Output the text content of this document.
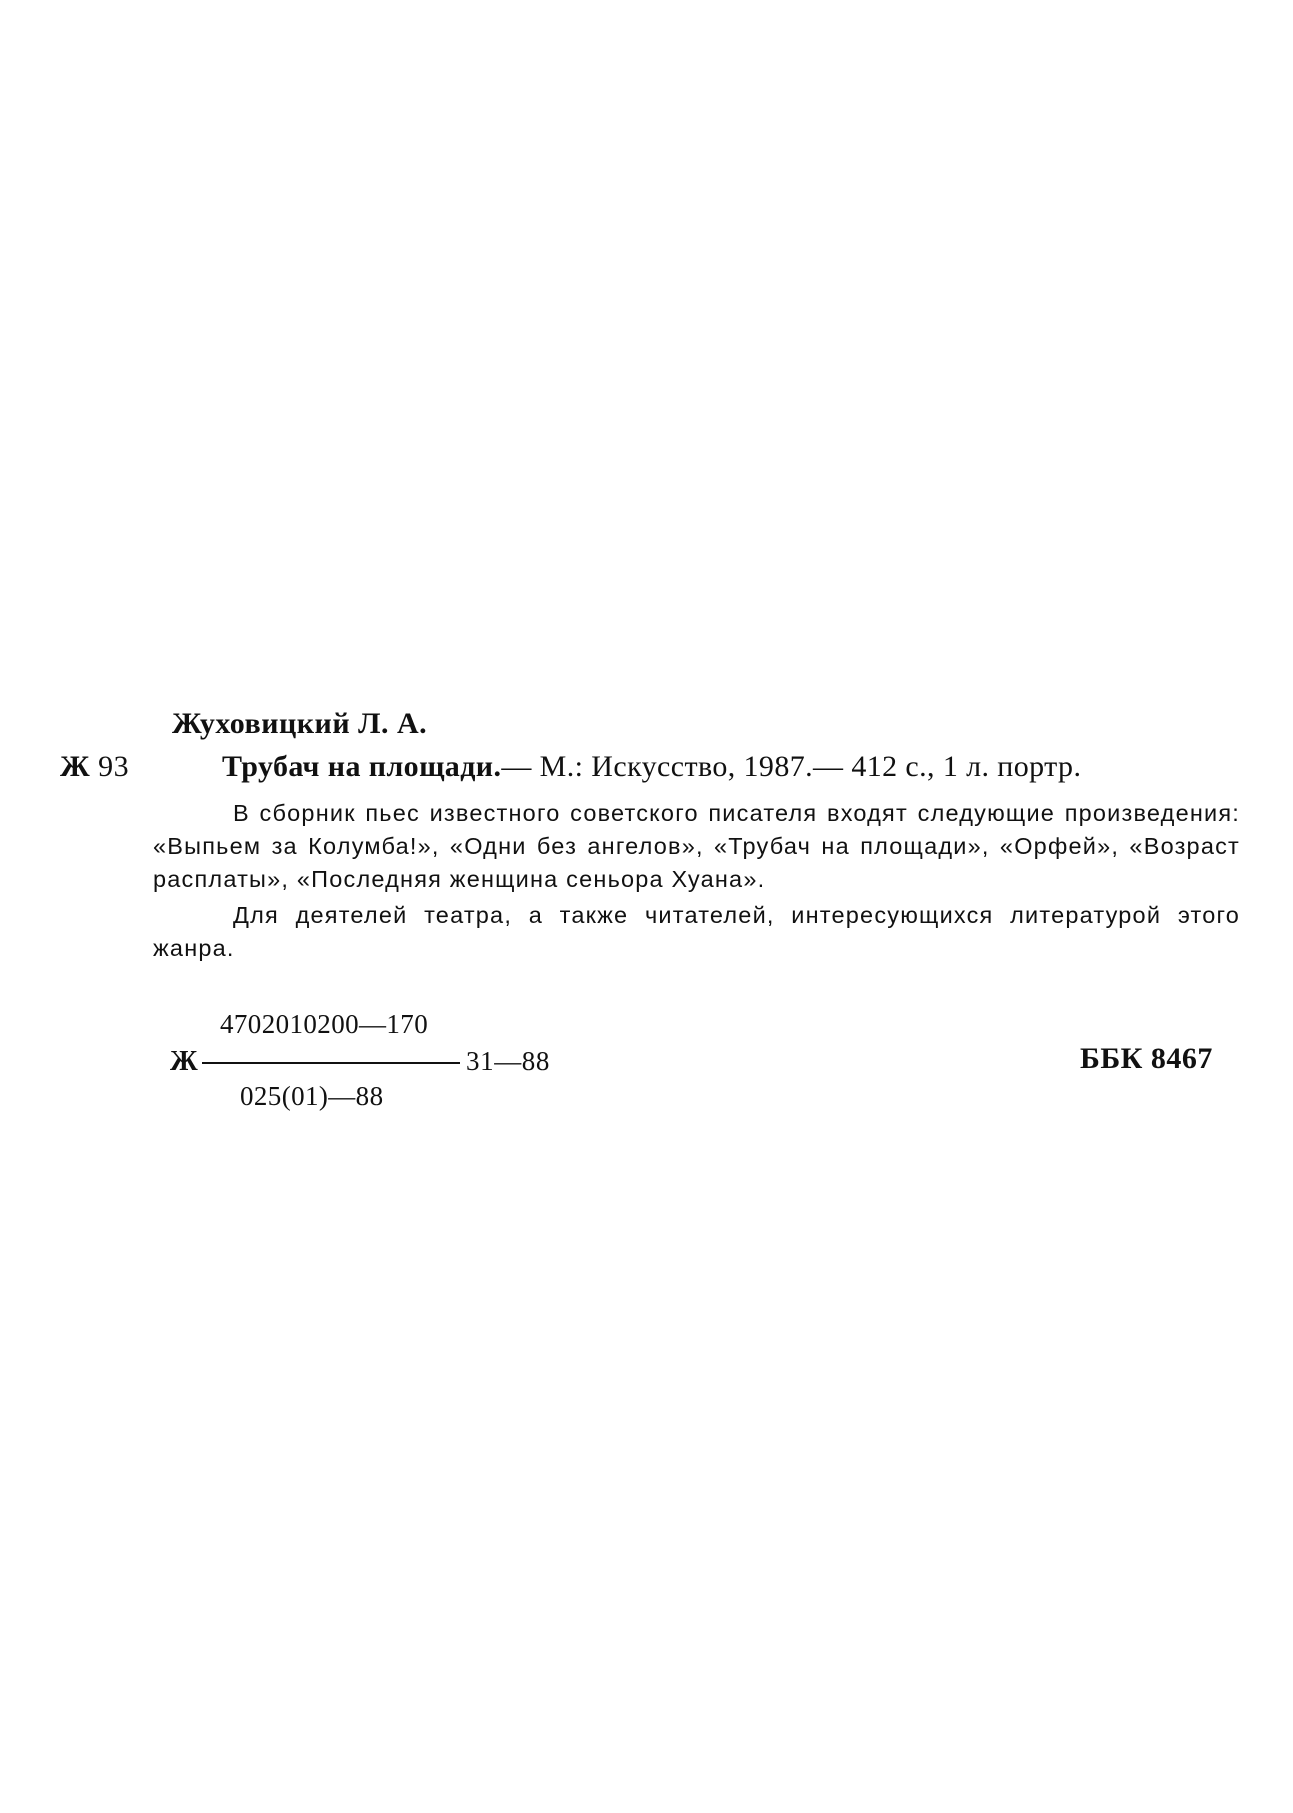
Жуховицкий Л. А.
Ж 93	Трубач на площади.— М.: Искусство, 1987.— 412 с., 1 л. портр.

В сборник пьес известного советского писателя входят следующие произведения: «Выпьем за Колумба!», «Одни без ангелов», «Трубач на площади», «Орфей», «Возраст расплаты», «Последняя женщина сеньора Хуана».

Для деятелей театра, а также читателей, интересующихся литературой этого жанра.

4702010200—170
Ж	31—88
025(01)—88
ББК 8467
